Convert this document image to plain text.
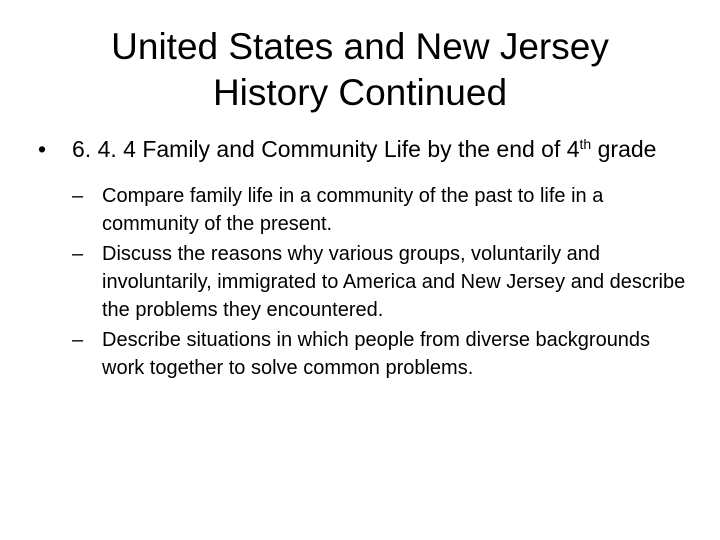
United States and New Jersey
History Continued
• 6. 4. 4 Family and Community Life by the end of 4th grade
– Compare family life in a community of the past to life in a community of the present.
– Discuss the reasons why various groups, voluntarily and involuntarily, immigrated to America and New Jersey and describe the problems they encountered.
– Describe situations in which people from diverse backgrounds work together to solve common problems.
